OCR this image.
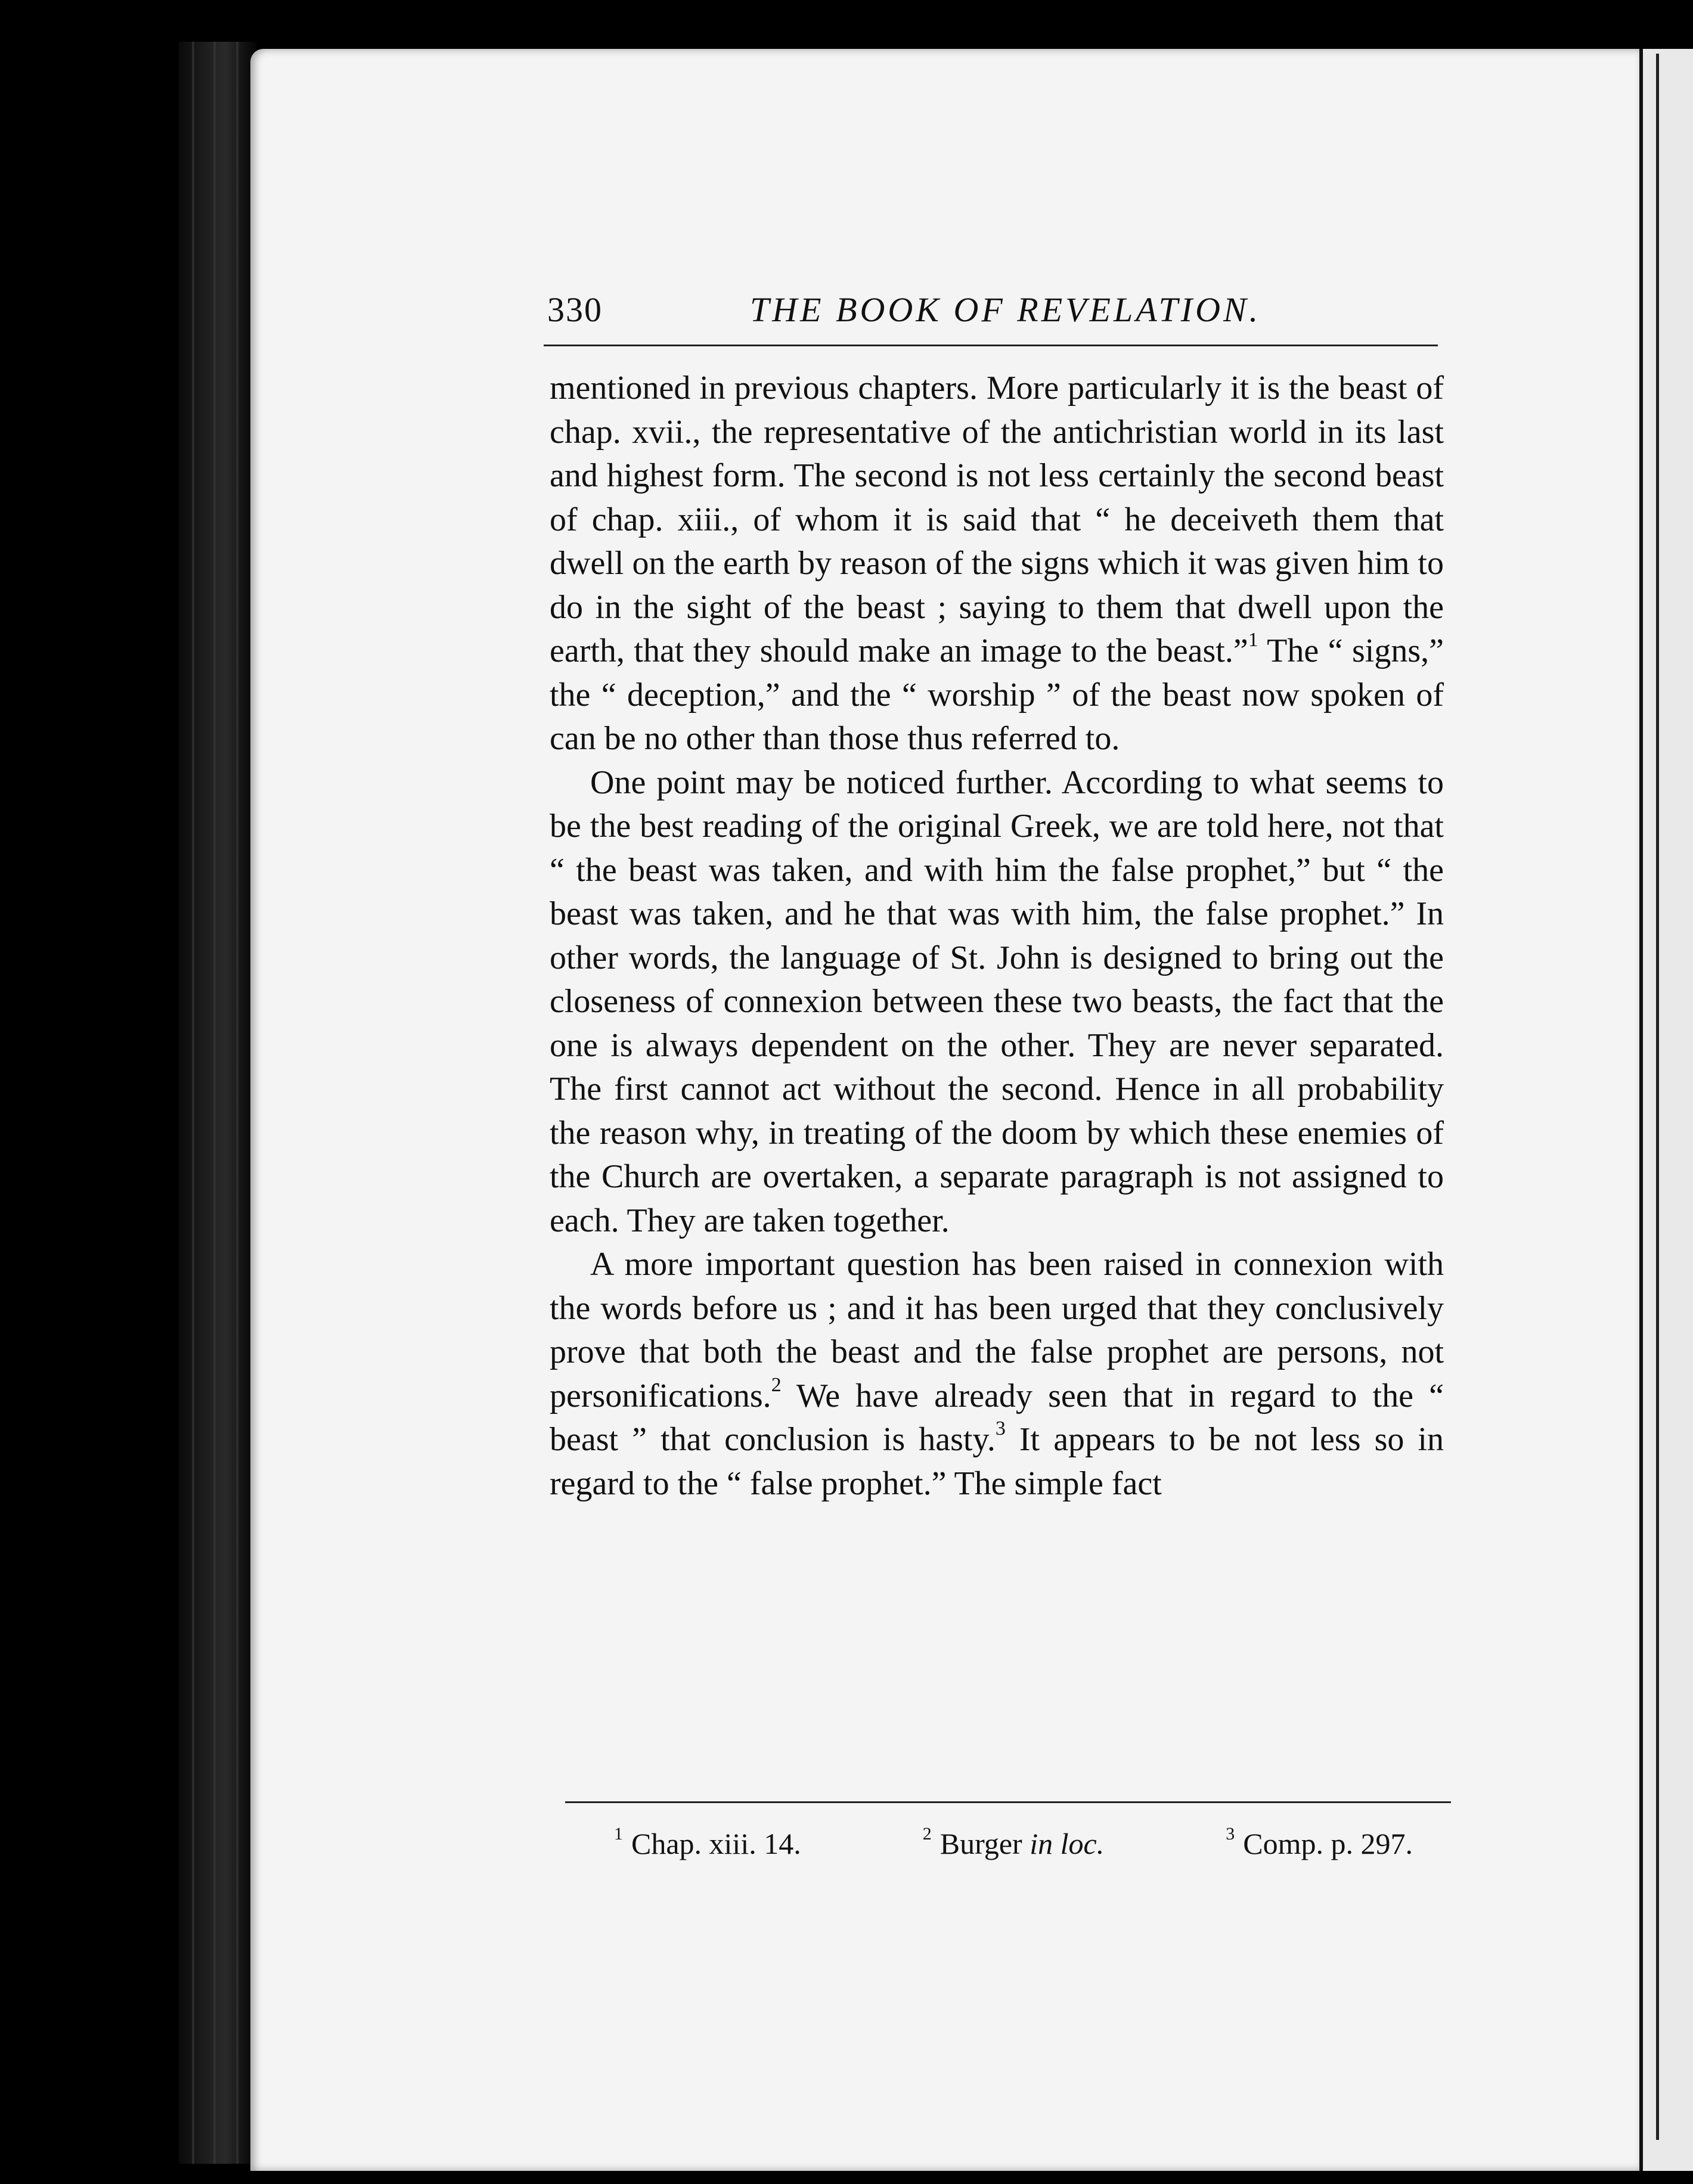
330	THE BOOK OF REVELATION.

mentioned in previous chapters. More particularly it is the beast of chap. xvii., the representative of the antichristian world in its last and highest form. The second is not less certainly the second beast of chap. xiii., of whom it is said that “ he deceiveth them that dwell on the earth by reason of the signs which it was given him to do in the sight of the beast ; saying to them that dwell upon the earth, that they should make an image to the beast.”$^1$ The “ signs,” the “ deception,” and the “ worship ” of the beast now spoken of can be no other than those thus referred to.

One point may be noticed further. According to what seems to be the best reading of the original Greek, we are told here, not that “ the beast was taken, and with him the false prophet,” but “ the beast was taken, and he that was with him, the false prophet.” In other words, the language of St. John is designed to bring out the closeness of connexion between these two beasts, the fact that the one is always dependent on the other. They are never separated. The first cannot act without the second. Hence in all probability the reason why, in treating of the doom by which these enemies of the Church are overtaken, a separate paragraph is not assigned to each. They are taken together.

A more important question has been raised in connexion with the words before us ; and it has been urged that they conclusively prove that both the beast and the false prophet are persons, not personifications.$^2$ We have already seen that in regard to the “ beast ” that conclusion is hasty.$^3$ It appears to be not less so in regard to the “ false prophet.” The simple fact

$^1$ Chap. xiii. 14.	$^2$ Burger in loc.	$^3$ Comp. p. 297.
